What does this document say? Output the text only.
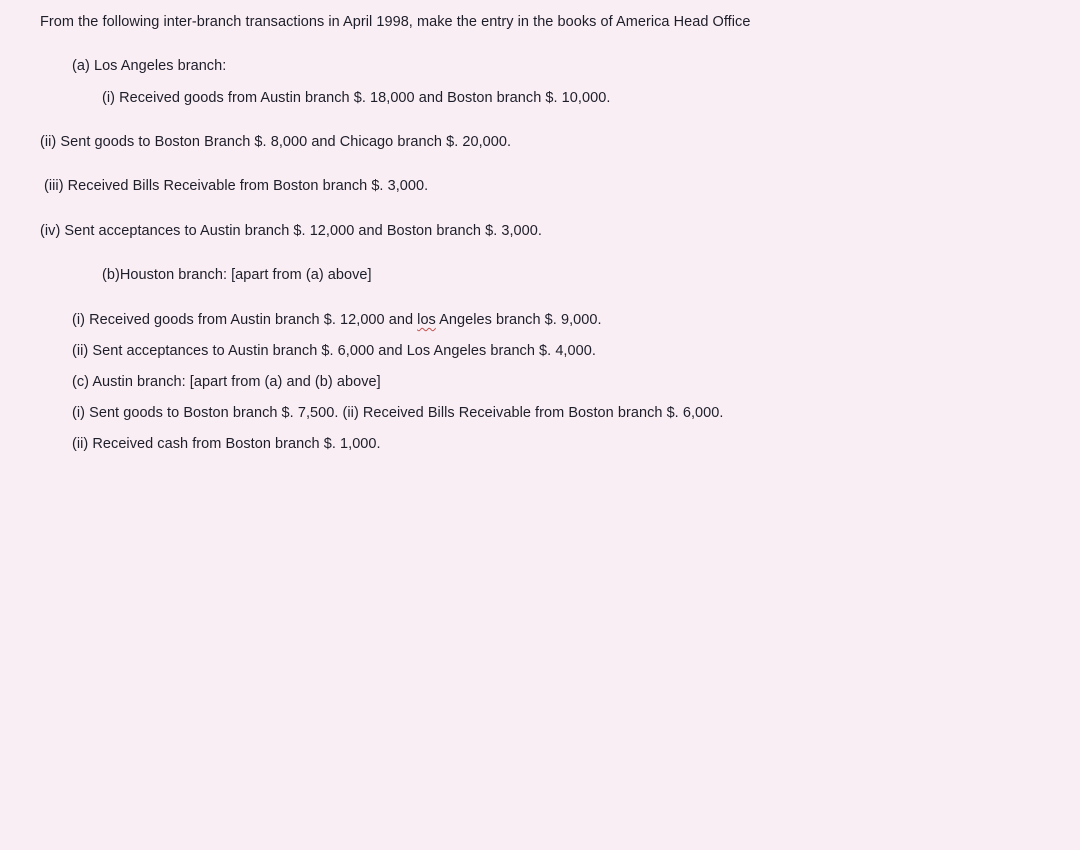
From the following inter-branch transactions in April 1998, make the entry in the books of America Head Office
(a) Los Angeles branch:
(i) Received goods from Austin branch $. 18,000 and Boston branch $. 10,000.
(ii) Sent goods to Boston Branch $. 8,000 and Chicago branch $. 20,000.
(iii) Received Bills Receivable from Boston branch $. 3,000.
(iv) Sent acceptances to Austin branch $. 12,000 and Boston branch $. 3,000.
(b)Houston branch: [apart from (a) above]
(i) Received goods from Austin branch $. 12,000 and los Angeles branch $. 9,000.
(ii) Sent acceptances to Austin branch $. 6,000 and Los Angeles branch $. 4,000.
(c) Austin branch: [apart from (a) and (b) above]
(i) Sent goods to Boston branch $. 7,500. (ii) Received Bills Receivable from Boston branch $. 6,000.
(ii) Received cash from Boston branch $. 1,000.
